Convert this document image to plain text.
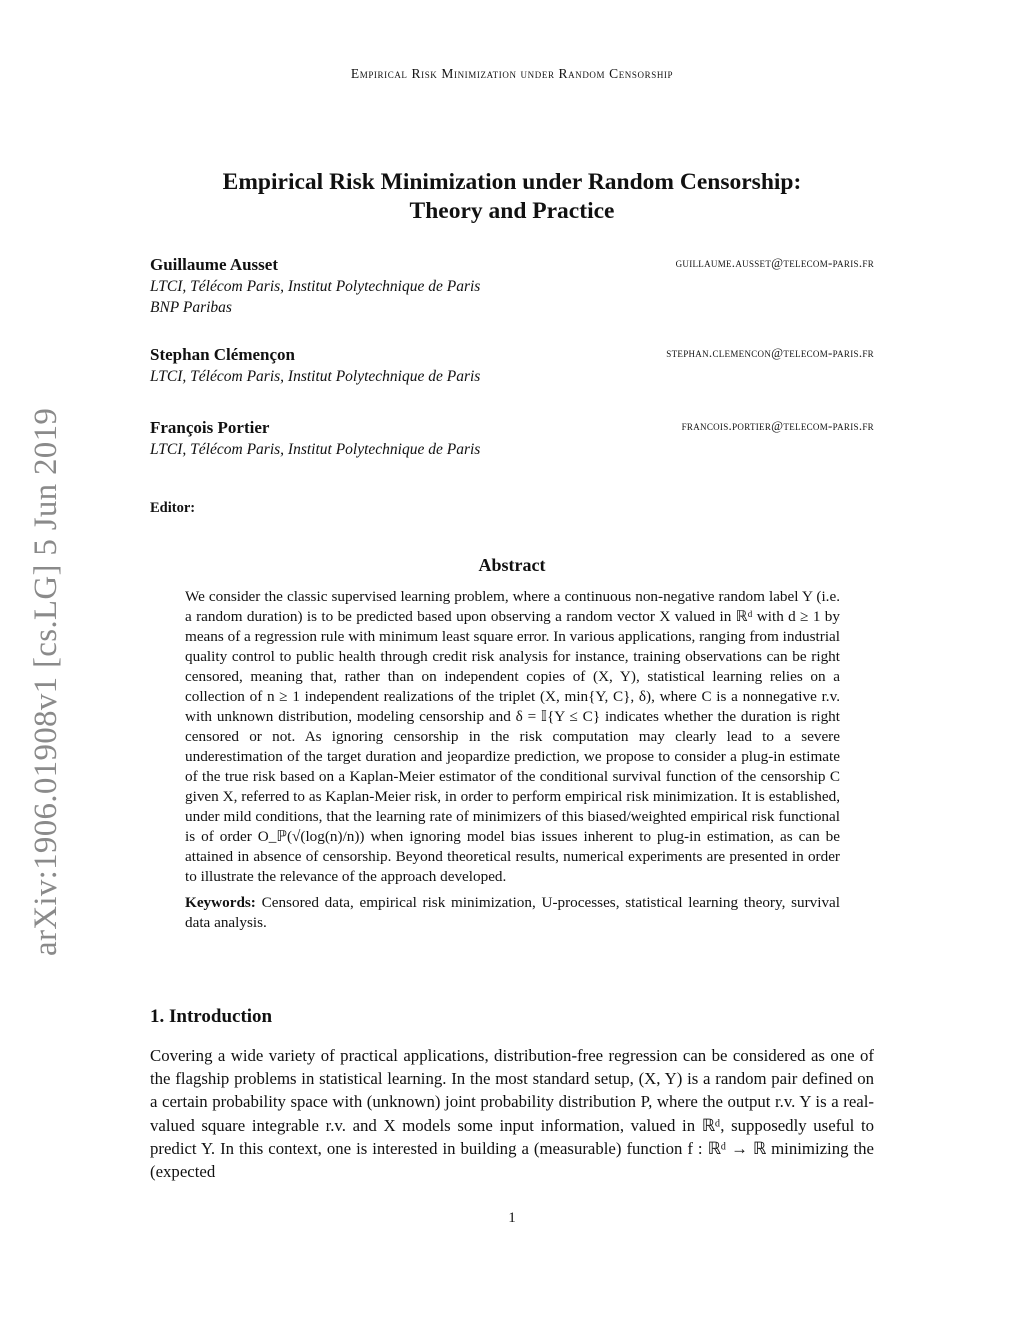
Empirical Risk Minimization under Random Censorship
arXiv:1906.01908v1 [cs.LG] 5 Jun 2019
Empirical Risk Minimization under Random Censorship:
Theory and Practice
Guillaume Ausset	guillaume.ausset@telecom-paris.fr
LTCI, Télécom Paris, Institut Polytechnique de Paris
BNP Paribas
Stephan Clémençon	stephan.clemencon@telecom-paris.fr
LTCI, Télécom Paris, Institut Polytechnique de Paris
François Portier	francois.portier@telecom-paris.fr
LTCI, Télécom Paris, Institut Polytechnique de Paris
Editor:
Abstract

We consider the classic supervised learning problem, where a continuous non-negative random label Y (i.e. a random duration) is to be predicted based upon observing a random vector X valued in ℝᵈ with d ≥ 1 by means of a regression rule with minimum least square error. In various applications, ranging from industrial quality control to public health through credit risk analysis for instance, training observations can be right censored, meaning that, rather than on independent copies of (X, Y), statistical learning relies on a collection of n ≥ 1 independent realizations of the triplet (X, min{Y, C}, δ), where C is a nonnegative r.v. with unknown distribution, modeling censorship and δ = 𝕀{Y ≤ C} indicates whether the duration is right censored or not. As ignoring censorship in the risk computation may clearly lead to a severe underestimation of the target duration and jeopardize prediction, we propose to consider a plug-in estimate of the true risk based on a Kaplan-Meier estimator of the conditional survival function of the censorship C given X, referred to as Kaplan-Meier risk, in order to perform empirical risk minimization. It is established, under mild conditions, that the learning rate of minimizers of this biased/weighted empirical risk functional is of order O_ℙ(√(log(n)/n)) when ignoring model bias issues inherent to plug-in estimation, as can be attained in absence of censorship. Beyond theoretical results, numerical experiments are presented in order to illustrate the relevance of the approach developed.

Keywords: Censored data, empirical risk minimization, U-processes, statistical learning theory, survival data analysis.

1. Introduction

Covering a wide variety of practical applications, distribution-free regression can be considered as one of the flagship problems in statistical learning. In the most standard setup, (X, Y) is a random pair defined on a certain probability space with (unknown) joint probability distribution P, where the output r.v. Y is a real-valued square integrable r.v. and X models some input information, valued in ℝᵈ, supposedly useful to predict Y. In this context, one is interested in building a (measurable) function f : ℝᵈ → ℝ minimizing the (expected

1
